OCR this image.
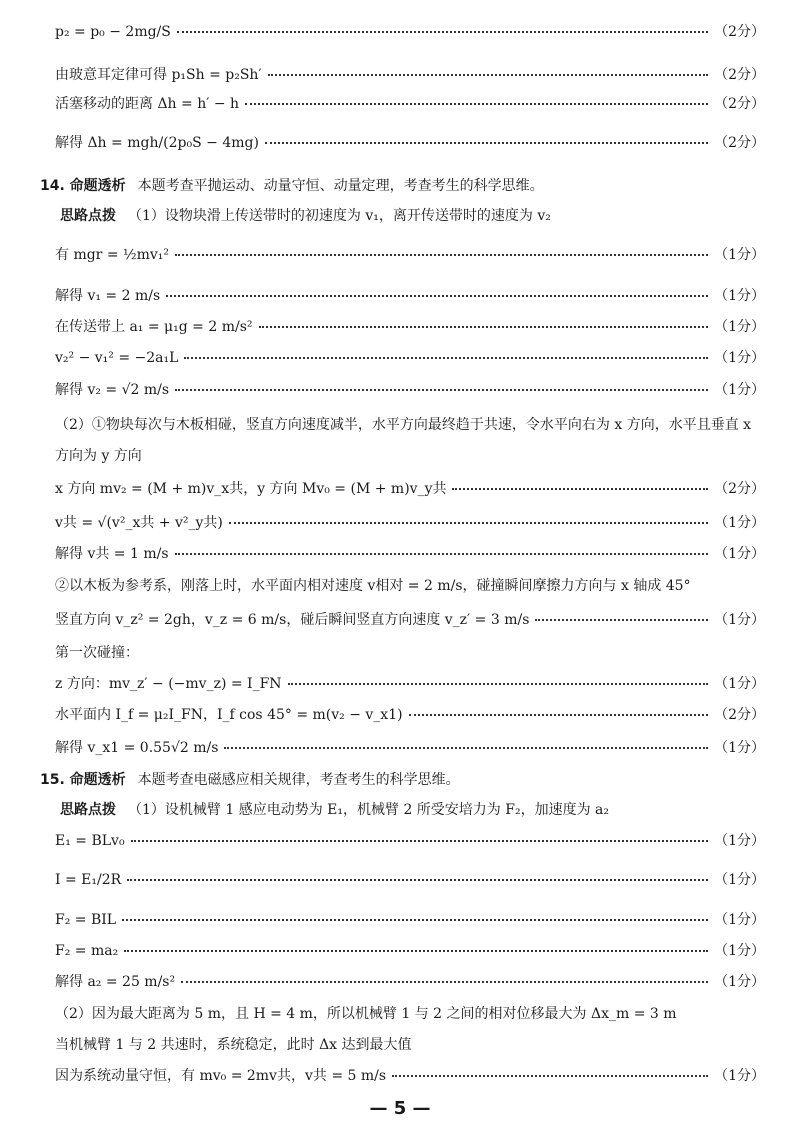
p₂ = p₀ − 2mg/S	（2分）
由玻意耳定律可得 p₁Sh = p₂Sh′	（2分）
活塞移动的距离 Δh = h′ − h	（2分）
解得 Δh = mgh/(2p₀S − 4mg)	（2分）
14. 命题透析 本题考查平抛运动、动量守恒、动量定理，考查考生的科学思维。
思路点拨 （1）设物块滑上传送带时的初速度为 v₁，离开传送带时的速度为 v₂
有 mgr = ½mv₁²	（1分）
解得 v₁ = 2 m/s	（1分）
在传送带上 a₁ = μ₁g = 2 m/s²	（1分）
v₂² − v₁² = −2a₁L	（1分）
解得 v₂ = √2 m/s	（1分）
（2）①物块每次与木板相碰，竖直方向速度减半，水平方向最终趋于共速，令水平向右为 x 方向，水平且垂直 x
方向为 y 方向
x 方向 mv₂ = (M + m)v_x共，y 方向 Mv₀ = (M + m)v_y共	（2分）
v共 = √(v²_x共 + v²_y共)	（1分）
解得 v共 = 1 m/s	（1分）
②以木板为参考系，刚落上时，水平面内相对速度 v相对 = 2 m/s，碰撞瞬间摩擦力方向与 x 轴成 45°
竖直方向 v_z² = 2gh，v_z = 6 m/s，碰后瞬间竖直方向速度 v_z′ = 3 m/s	（1分）
第一次碰撞：
z 方向：mv_z′ − (−mv_z) = I_FN	（1分）
水平面内 I_f = μ₂I_FN，I_f cos 45° = m(v₂ − v_x1)	（2分）
解得 v_x1 = 0.55√2 m/s	（1分）
15. 命题透析 本题考查电磁感应相关规律，考查考生的科学思维。
思路点拨 （1）设机械臂 1 感应电动势为 E₁，机械臂 2 所受安培力为 F₂，加速度为 a₂
E₁ = BLv₀	（1分）
I = E₁/2R	（1分）
F₂ = BIL	（1分）
F₂ = ma₂	（1分）
解得 a₂ = 25 m/s²	（1分）
（2）因为最大距离为 5 m，且 H = 4 m，所以机械臂 1 与 2 之间的相对位移最大为 Δx_m = 3 m
当机械臂 1 与 2 共速时，系统稳定，此时 Δx 达到最大值
因为系统动量守恒，有 mv₀ = 2mv共，v共 = 5 m/s	（1分）
— 5 —
